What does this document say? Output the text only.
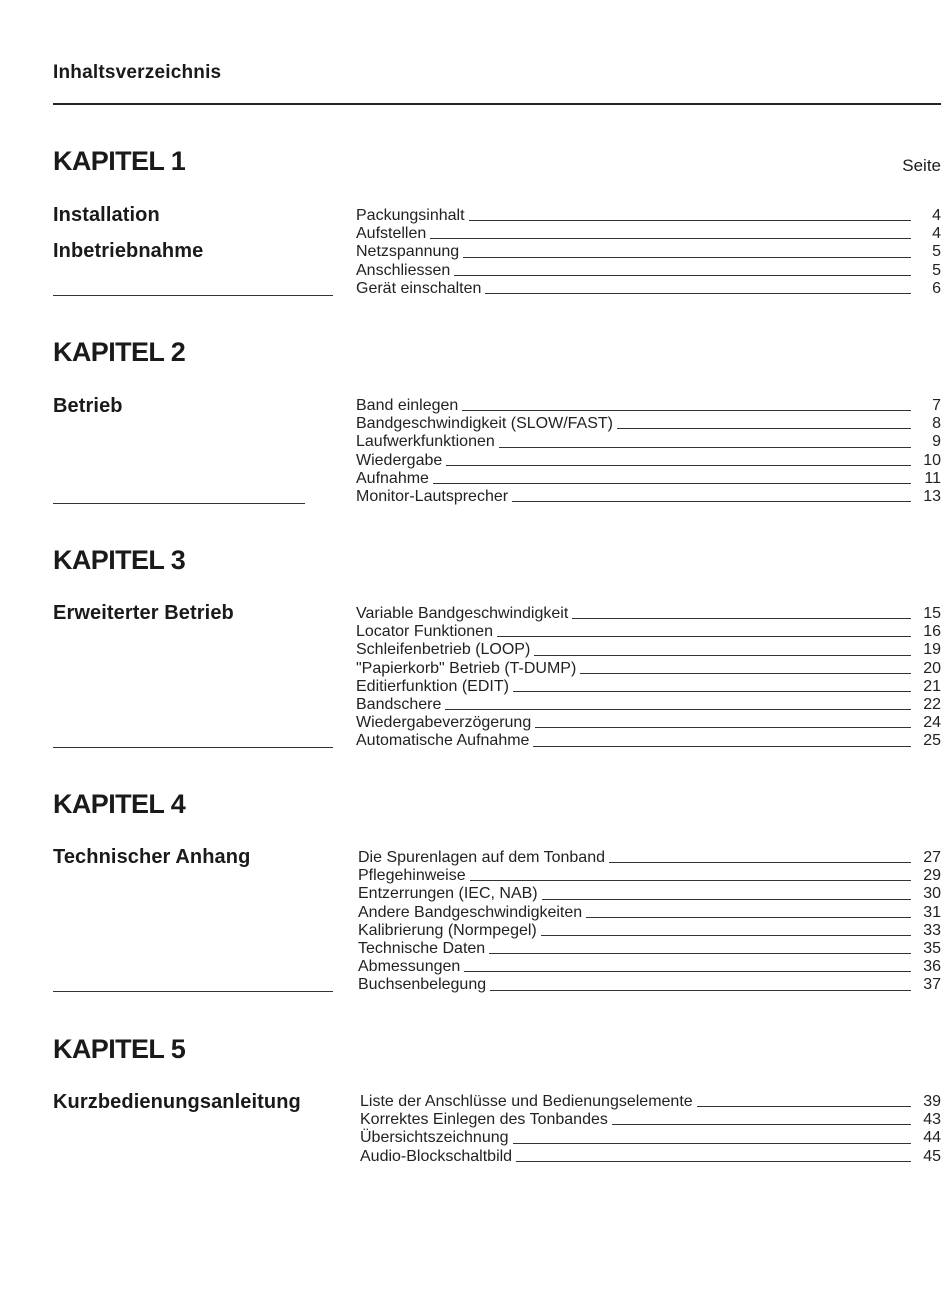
Inhaltsverzeichnis
Seite
KAPITEL 1
Installation
Inbetriebnahme
Packungsinhalt	4
Aufstellen	4
Netzspannung	5
Anschliessen	5
Gerät einschalten	6
KAPITEL 2
Betrieb	Band einlegen	7
Bandgeschwindigkeit (SLOW/FAST)	8
Laufwerkfunktionen	9
Wiedergabe	10
Aufnahme	11
Monitor-Lautsprecher	13
KAPITEL 3
Erweiterter Betrieb	Variable Bandgeschwindigkeit	15
Locator Funktionen	16
Schleifenbetrieb (LOOP)	19
"Papierkorb" Betrieb (T-DUMP)	20
Editierfunktion (EDIT)	21
Bandschere	22
Wiedergabeverzögerung	24
Automatische Aufnahme	25
KAPITEL 4
Technischer Anhang	Die Spurenlagen auf dem Tonband	27
Pflegehinweise	29
Entzerrungen (IEC, NAB)	30
Andere Bandgeschwindigkeiten	31
Kalibrierung (Normpegel)	33
Technische Daten	35
Abmessungen	36
Buchsenbelegung	37
KAPITEL 5
Kurzbedienungsanleitung	Liste der Anschlüsse und Bedienungselemente	39
Korrektes Einlegen des Tonbandes	43
Übersichtszeichnung	44
Audio-Blockschaltbild	45
